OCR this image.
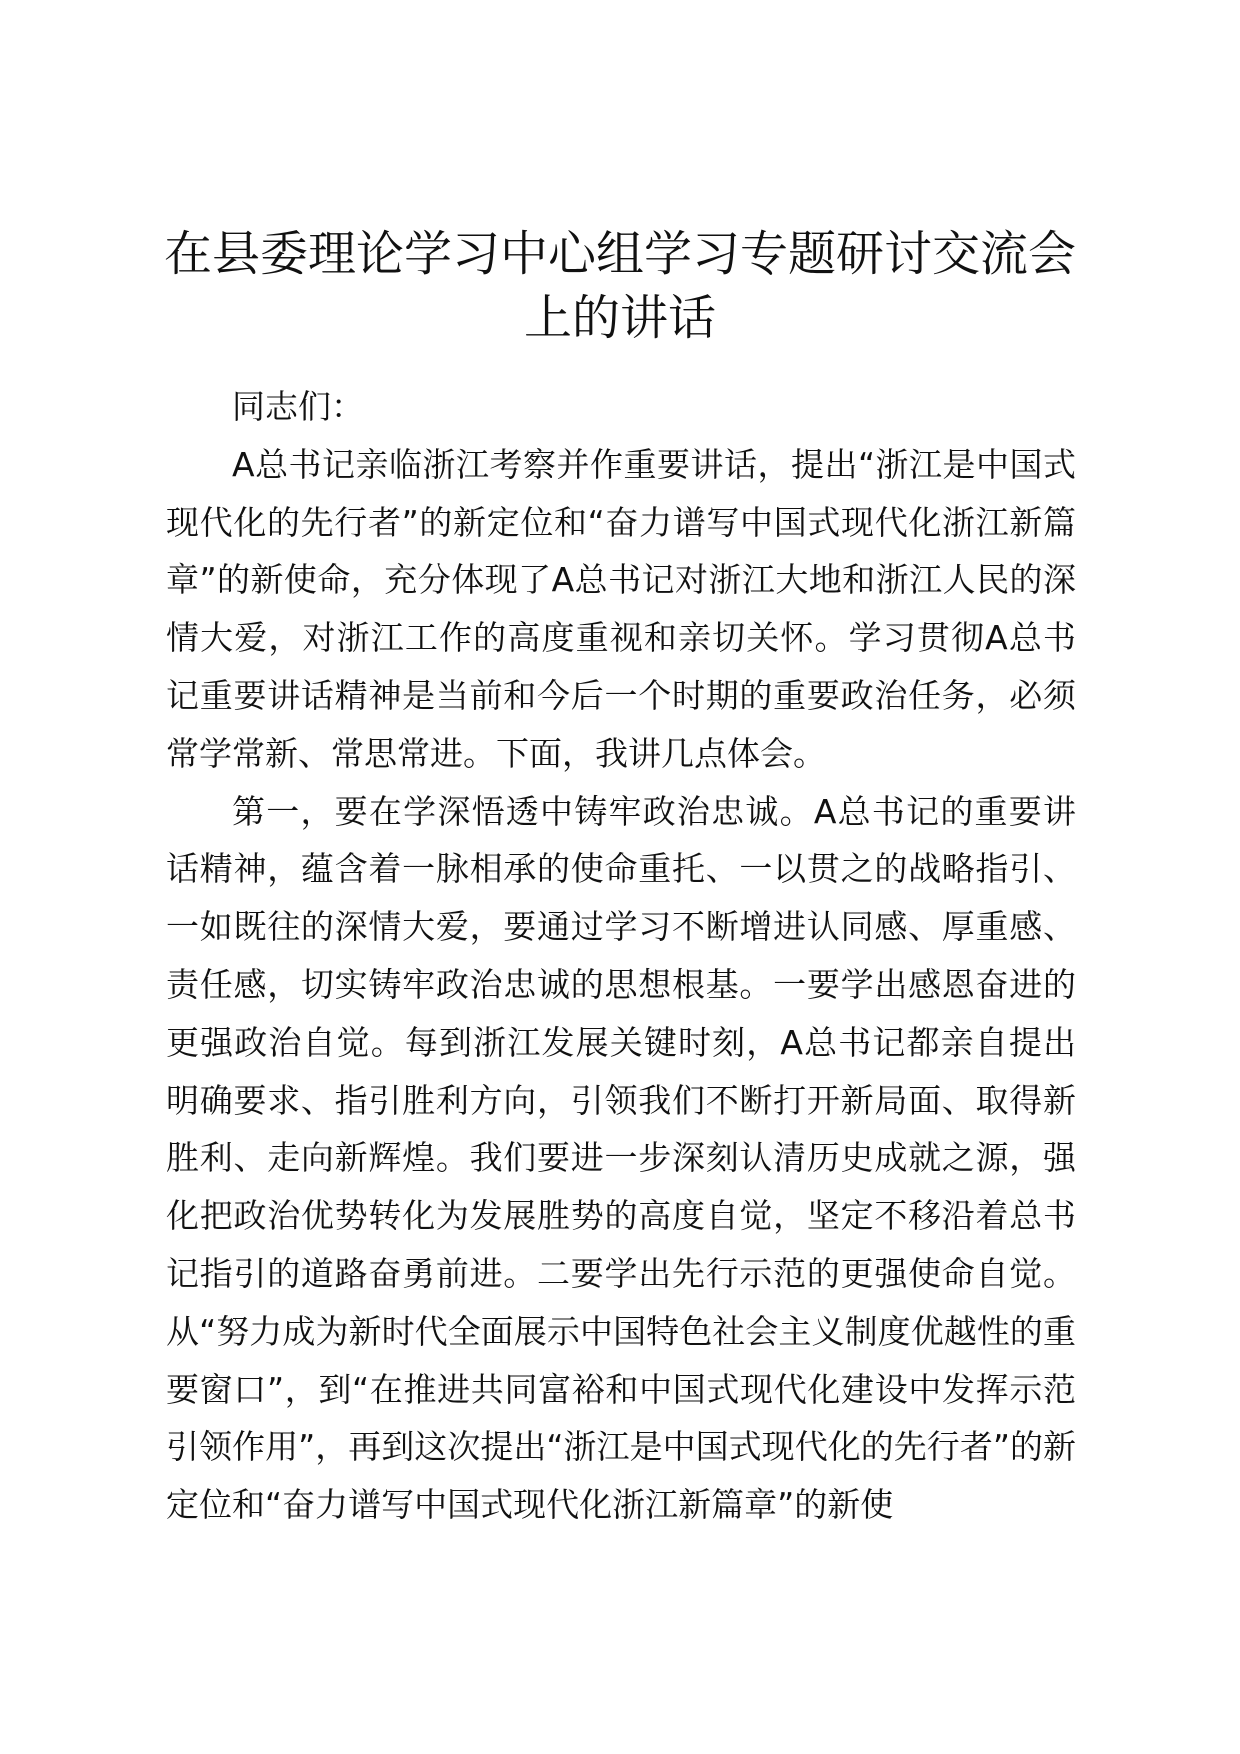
在县委理论学习中心组学习专题研讨交流会上的讲话

同志们：

A总书记亲临浙江考察并作重要讲话，提出“浙江是中国式现代化的先行者”的新定位和“奋力谱写中国式现代化浙江新篇章”的新使命，充分体现了A总书记对浙江大地和浙江人民的深情大爱，对浙江工作的高度重视和亲切关怀。学习贯彻A总书记重要讲话精神是当前和今后一个时期的重要政治任务，必须常学常新、常思常进。下面，我讲几点体会。

第一，要在学深悟透中铸牢政治忠诚。A总书记的重要讲话精神，蕴含着一脉相承的使命重托、一以贯之的战略指引、一如既往的深情大爱，要通过学习不断增进认同感、厚重感、责任感，切实铸牢政治忠诚的思想根基。一要学出感恩奋进的更强政治自觉。每到浙江发展关键时刻，A总书记都亲自提出明确要求、指引胜利方向，引领我们不断打开新局面、取得新胜利、走向新辉煌。我们要进一步深刻认清历史成就之源，强化把政治优势转化为发展胜势的高度自觉，坚定不移沿着总书记指引的道路奋勇前进。二要学出先行示范的更强使命自觉。从“努力成为新时代全面展示中国特色社会主义制度优越性的重要窗口”，到“在推进共同富裕和中国式现代化建设中发挥示范引领作用”，再到这次提出“浙江是中国式现代化的先行者”的新定位和“奋力谱写中国式现代化浙江新篇章”的新使
